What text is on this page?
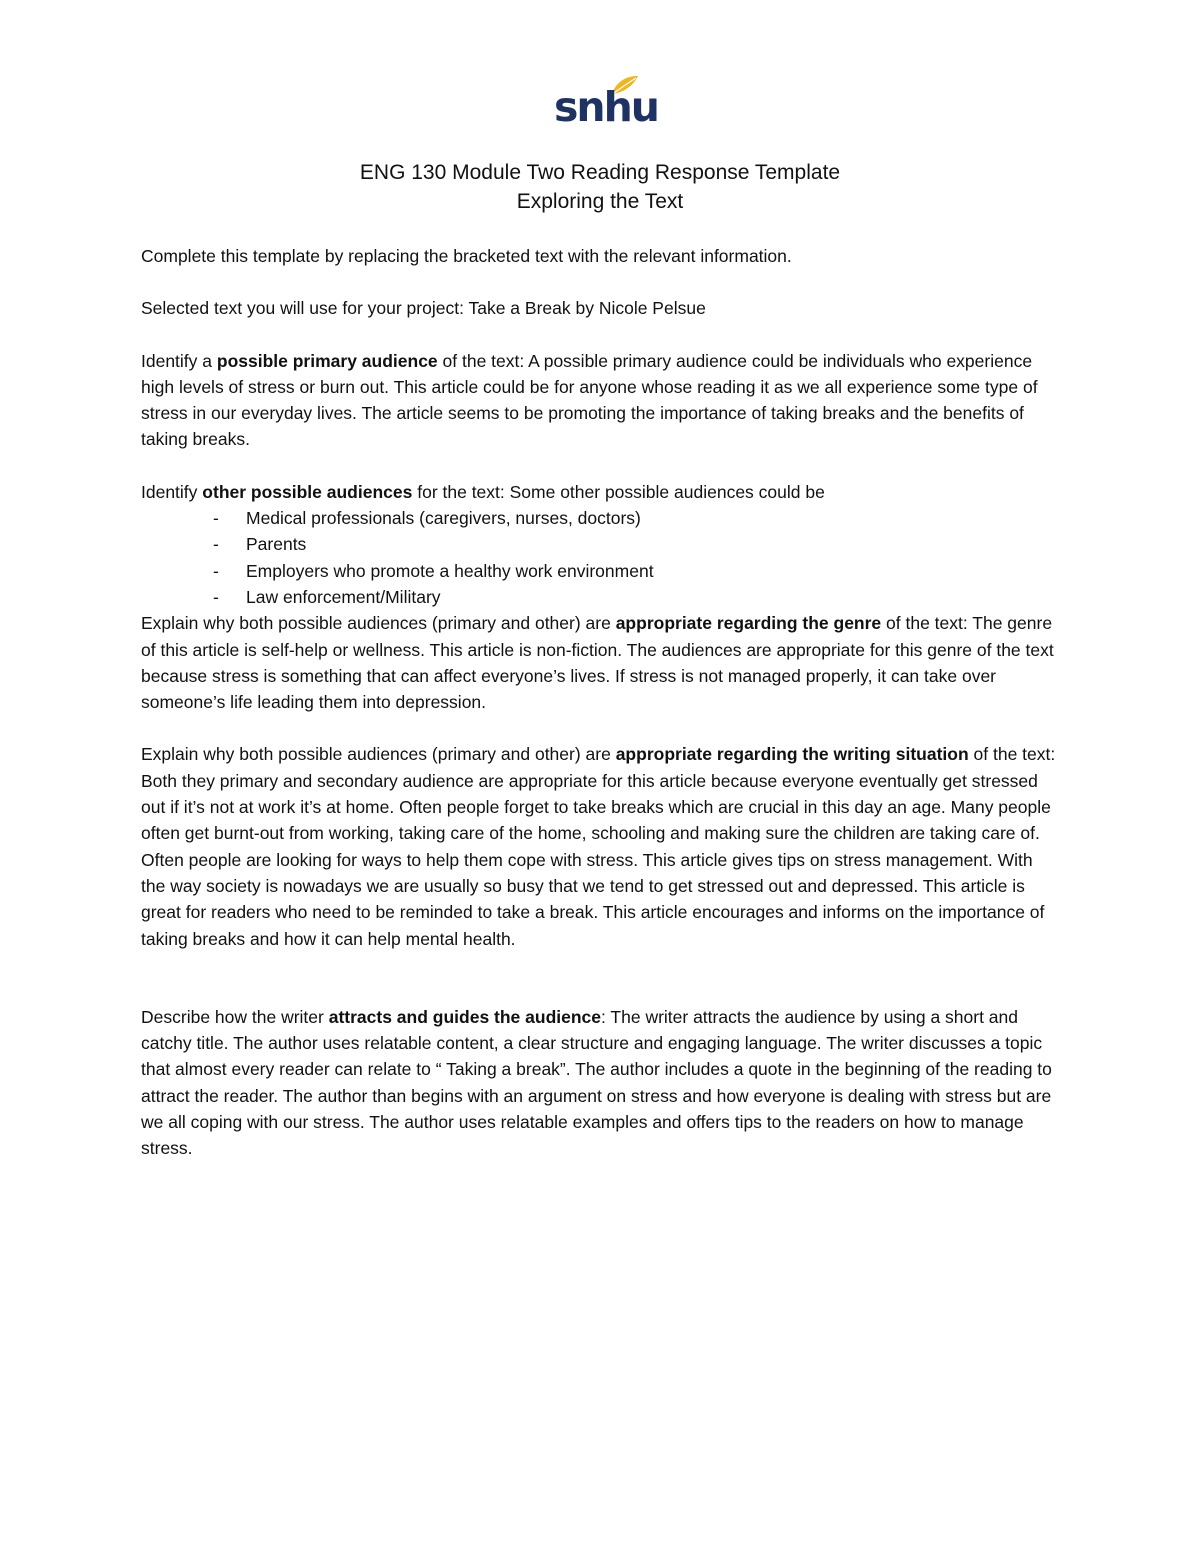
snhu
ENG 130 Module Two Reading Response Template
Exploring the Text

Complete this template by replacing the bracketed text with the relevant information.

Selected text you will use for your project: Take a Break by Nicole Pelsue

Identify a possible primary audience of the text: A possible primary audience could be individuals who experience high levels of stress or burn out. This article could be for anyone whose reading it as we all experience some type of stress in our everyday lives. The article seems to be promoting the importance of taking breaks and the benefits of taking breaks.

Identify other possible audiences for the text: Some other possible audiences could be

- Medical professionals (caregivers, nurses, doctors)
- Parents
- Employers who promote a healthy work environment
- Law enforcement/Military

Explain why both possible audiences (primary and other) are appropriate regarding the genre of the text: The genre of this article is self-help or wellness. This article is non-fiction. The audiences are appropriate for this genre of the text because stress is something that can affect everyone’s lives. If stress is not managed properly, it can take over someone’s life leading them into depression.

Explain why both possible audiences (primary and other) are appropriate regarding the writing situation of the text: Both they primary and secondary audience are appropriate for this article because everyone eventually get stressed out if it’s not at work it’s at home. Often people forget to take breaks which are crucial in this day an age. Many people often get burnt-out from working, taking care of the home, schooling and making sure the children are taking care of. Often people are looking for ways to help them cope with stress. This article gives tips on stress management. With the way society is nowadays we are usually so busy that we tend to get stressed out and depressed. This article is great for readers who need to be reminded to take a break. This article encourages and informs on the importance of taking breaks and how it can help mental health.

Describe how the writer attracts and guides the audience: The writer attracts the audience by using a short and catchy title. The author uses relatable content, a clear structure and engaging language. The writer discusses a topic that almost every reader can relate to “ Taking a break”. The author includes a quote in the beginning of the reading to attract the reader. The author than begins with an argument on stress and how everyone is dealing with stress but are we all coping with our stress. The author uses relatable examples and offers tips to the readers on how to manage stress.
